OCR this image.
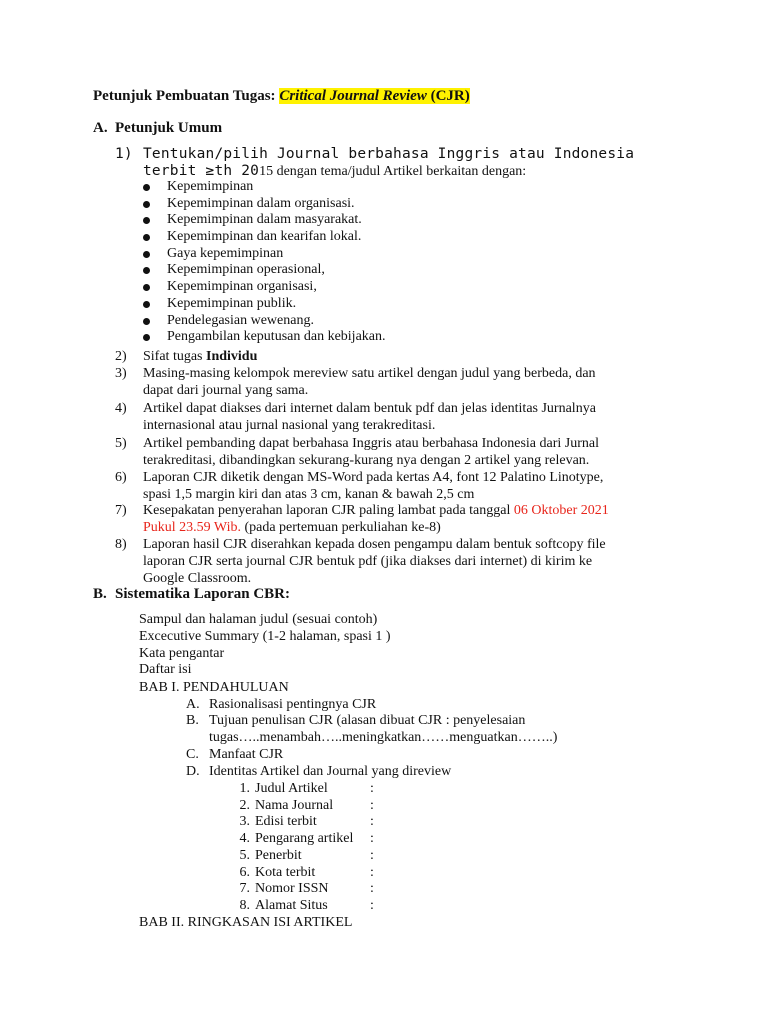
Petunjuk Pembuatan Tugas: Critical Journal Review (CJR)
A. Petunjuk Umum
1) Tentukan/pilih Journal berbahasa Inggris atau Indonesia
terbit ≥th 2015 dengan tema/judul Artikel berkaitan dengan:
Kepemimpinan
Kepemimpinan dalam organisasi.
Kepemimpinan dalam masyarakat.
Kepemimpinan dan kearifan lokal.
Gaya kepemimpinan
Kepemimpinan operasional,
Kepemimpinan organisasi,
Kepemimpinan publik.
Pendelegasian wewenang.
Pengambilan keputusan dan kebijakan.
2)	Sifat tugas Individu
3)	Masing-masing kelompok mereview satu artikel dengan judul yang berbeda, dan
dapat dari journal yang sama.
4)	Artikel dapat diakses dari internet dalam bentuk pdf dan jelas identitas Jurnalnya
internasional atau jurnal nasional yang terakreditasi.
5)	Artikel pembanding dapat berbahasa Inggris atau berbahasa Indonesia dari Jurnal
terakreditasi, dibandingkan sekurang-kurang nya dengan 2 artikel yang relevan.
6)	Laporan CJR diketik dengan MS-Word pada kertas A4, font 12 Palatino Linotype,
spasi 1,5 margin kiri dan atas 3 cm, kanan & bawah 2,5 cm
7)	Kesepakatan penyerahan laporan CJR paling lambat pada tanggal 06 Oktober 2021
Pukul 23.59 Wib. (pada pertemuan perkuliahan ke-8)
8)	Laporan hasil CJR diserahkan kepada dosen pengampu dalam bentuk softcopy file
laporan CJR serta journal CJR bentuk pdf (jika diakses dari internet) di kirim ke
Google Classroom.
B. Sistematika Laporan CBR:
Sampul dan halaman judul (sesuai contoh)
Excecutive Summary (1-2 halaman, spasi 1 )
Kata pengantar
Daftar isi
BAB I. PENDAHULUAN
A. Rasionalisasi pentingnya CJR
B. Tujuan penulisan CJR (alasan dibuat CJR : penyelesaian
tugas…..menambah…..meningkatkan……menguatkan……..)
C. Manfaat CJR
D. Identitas Artikel dan Journal yang direview
1. Judul Artikel	:
2. Nama Journal	:
3. Edisi terbit	:
4. Pengarang artikel :
5. Penerbit	:
6. Kota terbit	:
7. Nomor ISSN	:
8. Alamat Situs	:
BAB II. RINGKASAN ISI ARTIKEL
